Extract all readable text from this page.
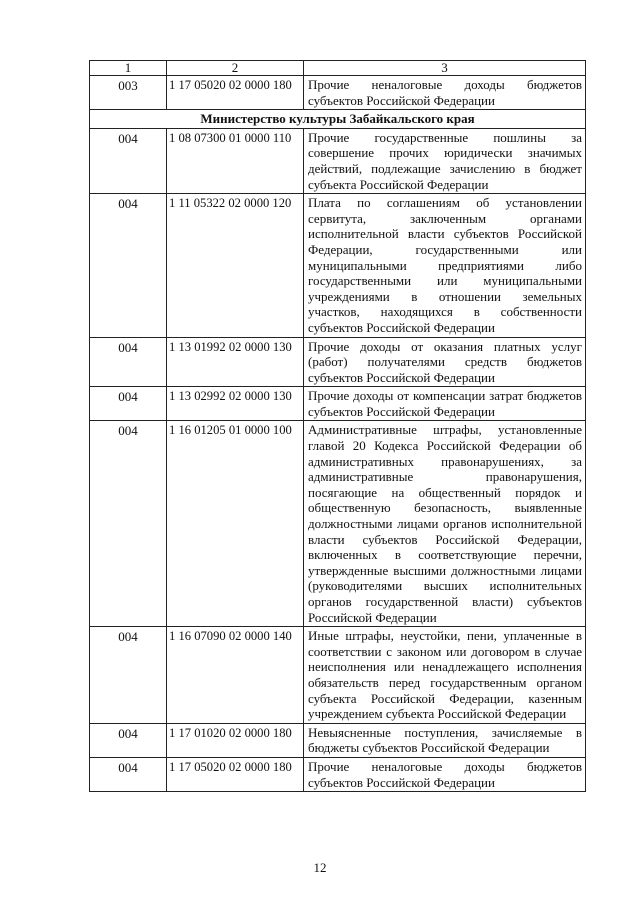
1	2	3
003	1 17 05020 02 0000 180	Прочие неналоговые доходы бюджетов субъектов Российской Федерации
Министерство культуры Забайкальского края		
004	1 08 07300 01 0000 110	Прочие государственные пошлины за совершение прочих юридически значимых действий, подлежащие зачислению в бюджет субъекта Российской Федерации
004	1 11 05322 02 0000 120	Плата по соглашениям об установлении сервитута, заключенным органами исполнительной власти субъектов Российской Федерации, государственными или муниципальными предприятиями либо государственными или муниципальными учреждениями в отношении земельных участков, находящихся в собственности субъектов Российской Федерации
004	1 13 01992 02 0000 130	Прочие доходы от оказания платных услуг (работ) получателями средств бюджетов субъектов Российской Федерации
004	1 13 02992 02 0000 130	Прочие доходы от компенсации затрат бюджетов субъектов Российской Федерации
004	1 16 01205 01 0000 100	Административные штрафы, установленные главой 20 Кодекса Российской Федерации об административных правонарушениях, за административные правонарушения, посягающие на общественный порядок и общественную безопасность, выявленные должностными лицами органов исполнительной власти субъектов Российской Федерации, включенных в соответствующие перечни, утвержденные высшими должностными лицами (руководителями высших исполнительных органов государственной власти) субъектов Российской Федерации
004	1 16 07090 02 0000 140	Иные штрафы, неустойки, пени, уплаченные в соответствии с законом или договором в случае неисполнения или ненадлежащего исполнения обязательств перед государственным органом субъекта Российской Федерации, казенным учреждением субъекта Российской Федерации
004	1 17 01020 02 0000 180	Невыясненные поступления, зачисляемые в бюджеты субъектов Российской Федерации
004	1 17 05020 02 0000 180	Прочие неналоговые доходы бюджетов субъектов Российской Федерации
12
